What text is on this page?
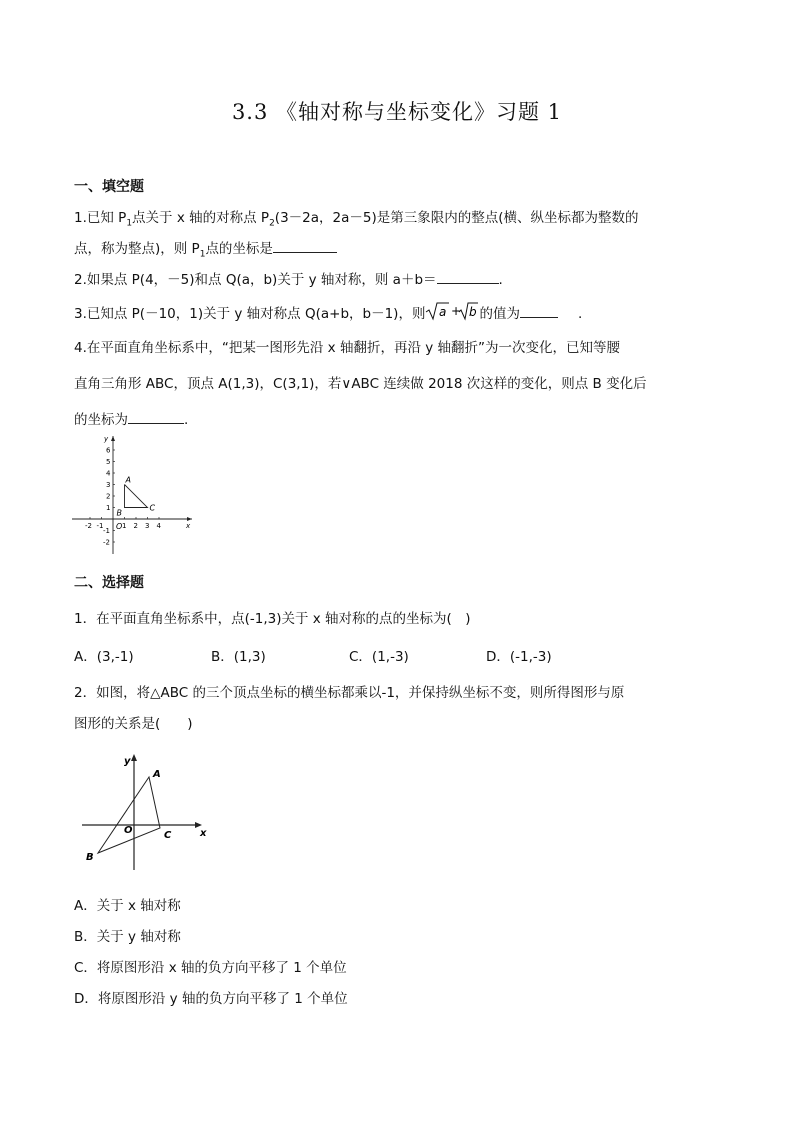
3.3 《轴对称与坐标变化》习题 1
一、填空题
1.已知 $P_1$点关于 x 轴的对称点 $P_2(3-2a$，2a－5)是第三象限内的整点(横、纵坐标都为整数的
点，称为整点)，则 $P_1$点的坐标是
2.如果点 P(4，－5)和点 Q(a，b)关于 y 轴对称，则 a＋b＝	.
3.已知点 P(－10，1)关于 y 轴对称点 Q(a+b，b－1)，则 a + b 的值为	.
4.在平面直角坐标系中，“把某一图形先沿 x 轴翻折，再沿 y 轴翻折”为一次变化，已知等腰
直角三角形 ABC，顶点 A(1,3)，C(3,1)，若∨ABC 连续做 2018 次这样的变化，则点 B 变化后
的坐标为	.
-2 -1	1 2 3 4
6
5
4
3
2
1
-1
-2
A
B
C
O	x
y
二、选择题
1．在平面直角坐标系中，点(-1,3)关于 x 轴对称的点的坐标为(　)
A．(3,-1)	B．(1,3)	C．(1,-3)	D．(-1,-3)
2．如图，将△ABC 的三个顶点坐标的横坐标都乘以-1，并保持纵坐标不变，则所得图形与原
图形的关系是(　　)
y
x
A
C
B
O
A．关于 x 轴对称
B．关于 y 轴对称
C．将原图形沿 x 轴的负方向平移了 1 个单位
D．将原图形沿 y 轴的负方向平移了 1 个单位
